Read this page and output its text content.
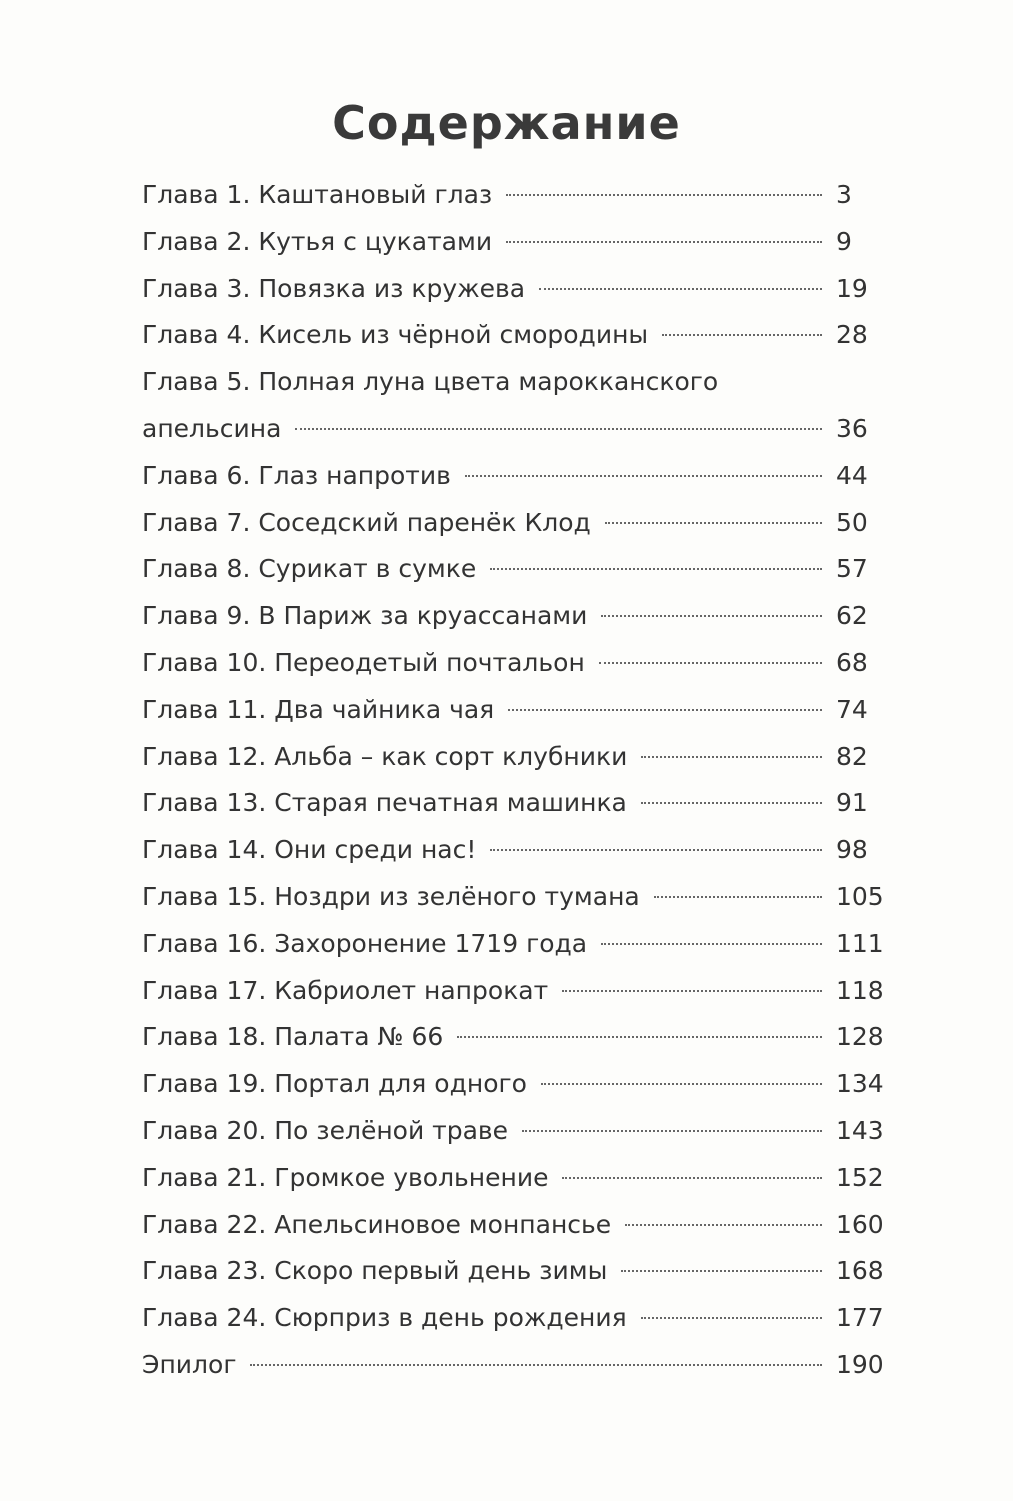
Содержание
Глава 1. Каштановый глаз	3
Глава 2. Кутья с цукатами	9
Глава 3. Повязка из кружева	19
Глава 4. Кисель из чёрной смородины	28
Глава 5. Полная луна цвета марокканского
апельсина	36
Глава 6. Глаз напротив	44
Глава 7. Соседский паренёк Клод	50
Глава 8. Сурикат в сумке	57
Глава 9. В Париж за круассанами	62
Глава 10. Переодетый почтальон	68
Глава 11. Два чайника чая	74
Глава 12. Альба – как сорт клубники	82
Глава 13. Старая печатная машинка	91
Глава 14. Они среди нас!	98
Глава 15. Ноздри из зелёного тумана	105
Глава 16. Захоронение 1719 года	111
Глава 17. Кабриолет напрокат	118
Глава 18. Палата № 66	128
Глава 19. Портал для одного	134
Глава 20. По зелёной траве	143
Глава 21. Громкое увольнение	152
Глава 22. Апельсиновое монпансье	160
Глава 23. Скоро первый день зимы	168
Глава 24. Сюрприз в день рождения	177
Эпилог	190
